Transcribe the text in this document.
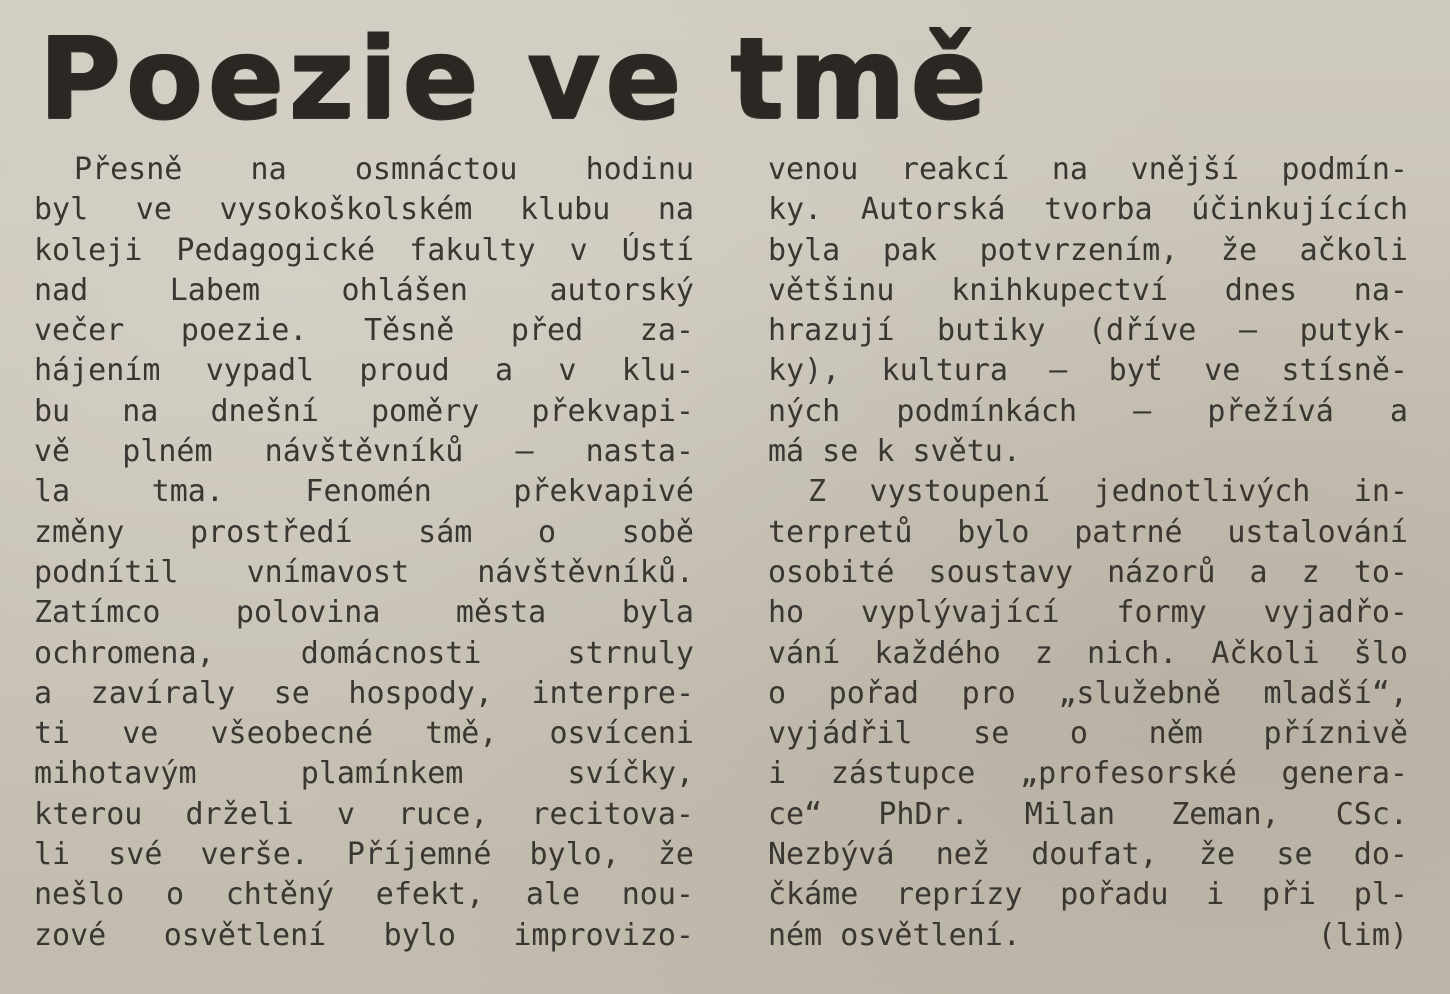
Poezie ve tmě
Přesně na osmnáctou hodinu
byl ve vysokoškolském klubu na
koleji Pedagogické fakulty v Ústí
nad Labem ohlášen autorský
večer poezie. Těsně před za-
hájením vypadl proud a v klu-
bu na dnešní poměry překvapi-
vě plném návštěvníků — nasta-
la tma. Fenomén překvapivé
změny prostředí sám o sobě
podnítil vnímavost návštěvníků.
Zatímco polovina města byla
ochromena, domácnosti strnuly
a zavíraly se hospody, interpre-
ti ve všeobecné tmě, osvíceni
mihotavým plamínkem svíčky,
kterou drželi v ruce, recitova-
li své verše. Příjemné bylo, že
nešlo o chtěný efekt, ale nou-
zové osvětlení bylo improvizo-
venou reakcí na vnější podmín-
ky. Autorská tvorba účinkujících
byla pak potvrzením, že ačkoli
většinu knihkupectví dnes na-
hrazují butiky (dříve — putyk-
ky), kultura — byť ve stísně-
ných podmínkách — přežívá a
má se k světu.
Z vystoupení jednotlivých in-
terpretů bylo patrné ustalování
osobité soustavy názorů a z to-
ho vyplývající formy vyjadřo-
vání každého z nich. Ačkoli šlo
o pořad pro „služebně mladší“,
vyjádřil se o něm příznivě
i zástupce „profesorské genera-
ce“ PhDr. Milan Zeman, CSc.
Nezbývá než doufat, že se do-
čkáme reprízy pořadu i při pl-
ném osvětlení.	(lim)
